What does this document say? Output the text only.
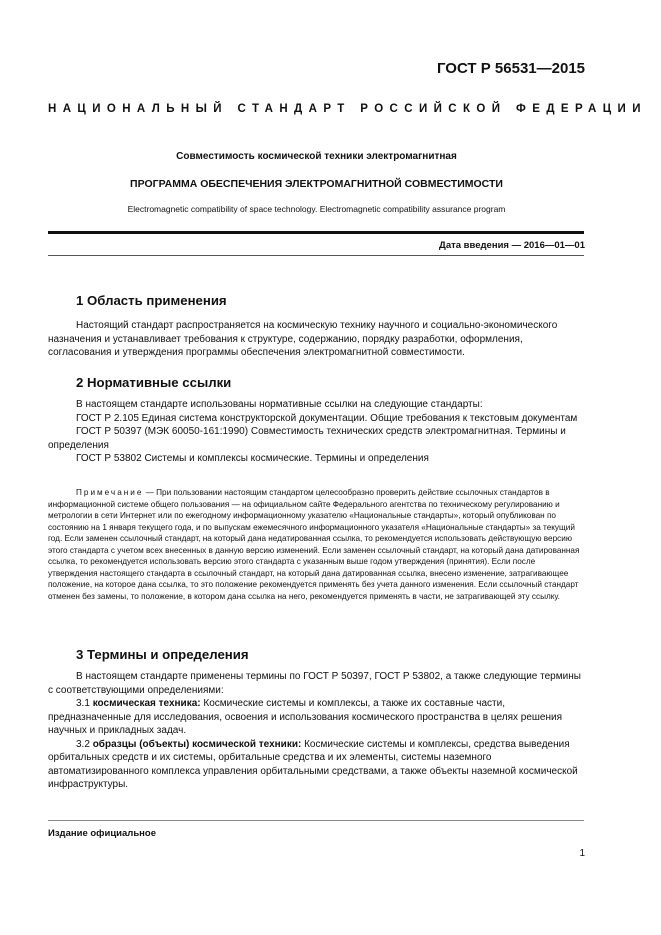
ГОСТ Р 56531—2015
НАЦИОНАЛЬНЫЙ СТАНДАРТ РОССИЙСКОЙ ФЕДЕРАЦИИ
Совместимость космической техники электромагнитная
ПРОГРАММА ОБЕСПЕЧЕНИЯ ЭЛЕКТРОМАГНИТНОЙ СОВМЕСТИМОСТИ
Electromagnetic compatibility of space technology. Electromagnetic compatibility assurance program
Дата введения — 2016—01—01
1 Область применения

Настоящий стандарт распространяется на космическую технику научного и социально-экономического назначения и устанавливает требования к структуре, содержанию, порядку разработки, оформления, согласования и утверждения программы обеспечения электромагнитной совместимости.

2 Нормативные ссылки

В настоящем стандарте использованы нормативные ссылки на следующие стандарты:

ГОСТ Р 2.105 Единая система конструкторской документации. Общие требования к текстовым документам

ГОСТ Р 50397 (МЭК 60050-161:1990) Совместимость технических средств электромагнитная. Термины и определения

ГОСТ Р 53802 Системы и комплексы космические. Термины и определения

Примечание — При пользовании настоящим стандартом целесообразно проверить действие ссылочных стандартов в информационной системе общего пользования — на официальном сайте Федерального агентства по техническому регулированию и метрологии в сети Интернет или по ежегодному информационному указателю «Национальные стандарты», который опубликован по состоянию на 1 января текущего года, и по выпускам ежемесячного информационного указателя «Национальные стандарты» за текущий год. Если заменен ссылочный стандарт, на который дана недатированная ссылка, то рекомендуется использовать действующую версию этого стандарта с учетом всех внесенных в данную версию изменений. Если заменен ссылочный стандарт, на который дана датированная ссылка, то рекомендуется использовать версию этого стандарта с указанным выше годом утверждения (принятия). Если после утверждения настоящего стандарта в ссылочный стандарт, на который дана датированная ссылка, внесено изменение, затрагивающее положение, на которое дана ссылка, то это положение рекомендуется применять без учета данного изменения. Если ссылочный стандарт отменен без замены, то положение, в котором дана ссылка на него, рекомендуется применять в части, не затрагивающей эту ссылку.

3 Термины и определения

В настоящем стандарте применены термины по ГОСТ Р 50397, ГОСТ Р 53802, а также следующие термины с соответствующими определениями:

3.1 космическая техника: Космические системы и комплексы, а также их составные части, предназначенные для исследования, освоения и использования космического пространства в целях решения научных и прикладных задач.

3.2 образцы (объекты) космической техники: Космические системы и комплексы, средства выведения орбитальных средств и их системы, орбитальные средства и их элементы, системы наземного автоматизированного комплекса управления орбитальными средствами, а также объекты наземной космической инфраструктуры.

Издание официальное
1
